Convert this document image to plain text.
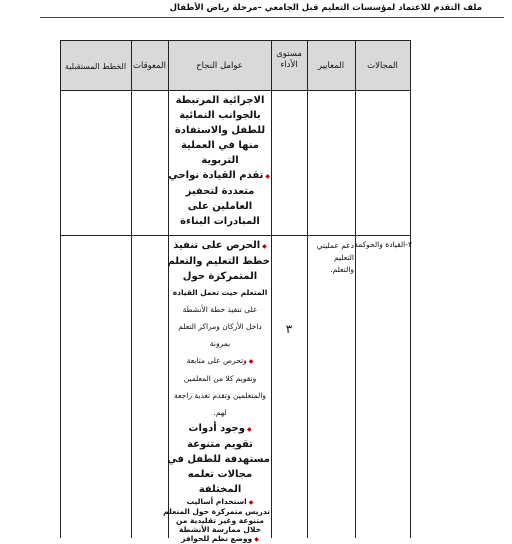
ملف التقدم للاعتماد لمؤسسات التعليم قبل الجامعي –مرحلة رياض الأطفال
المجالات
المعايير
مستوى الأداء
عوامل النجاح
المعوقات
الخطط المستقبلية
الاجرائية المرتبطة
بالجوانب النمائية
للطفل والاستفادة
منها في العملية
التربوية
◆تقدم القيادة نواحي
متعددة لتحفيز
العاملين على
المبادرات البناءة
٢-القيادة والحوكمة
دعم عمليتي التعليم والتعلم.
٣
◆الحرص على تنفيذ
خطط التعليم والتعلم
المتمركزة حول
المتعلم حيث تعمل القيادة
على تنفيذ خطة الأنشطة
داخل الأركان ومراكز التعلم
بمرونة
◆وتحرص على متابعة
وتقويم كلا من المعلمين
والمتعلمين وتقدم تغذية راجعة
لهم.
◆وجود أدوات
تقويم متنوعة
مستهدفة للطفل في
مجالات تعلمه
المختلفة
◆استخدام أساليب
تدريس متمركزة حول المتعلم
متنوعة وغير تقليدية من
خلال ممارسة الأنشطة
◆ووضع نظم للحوافز
